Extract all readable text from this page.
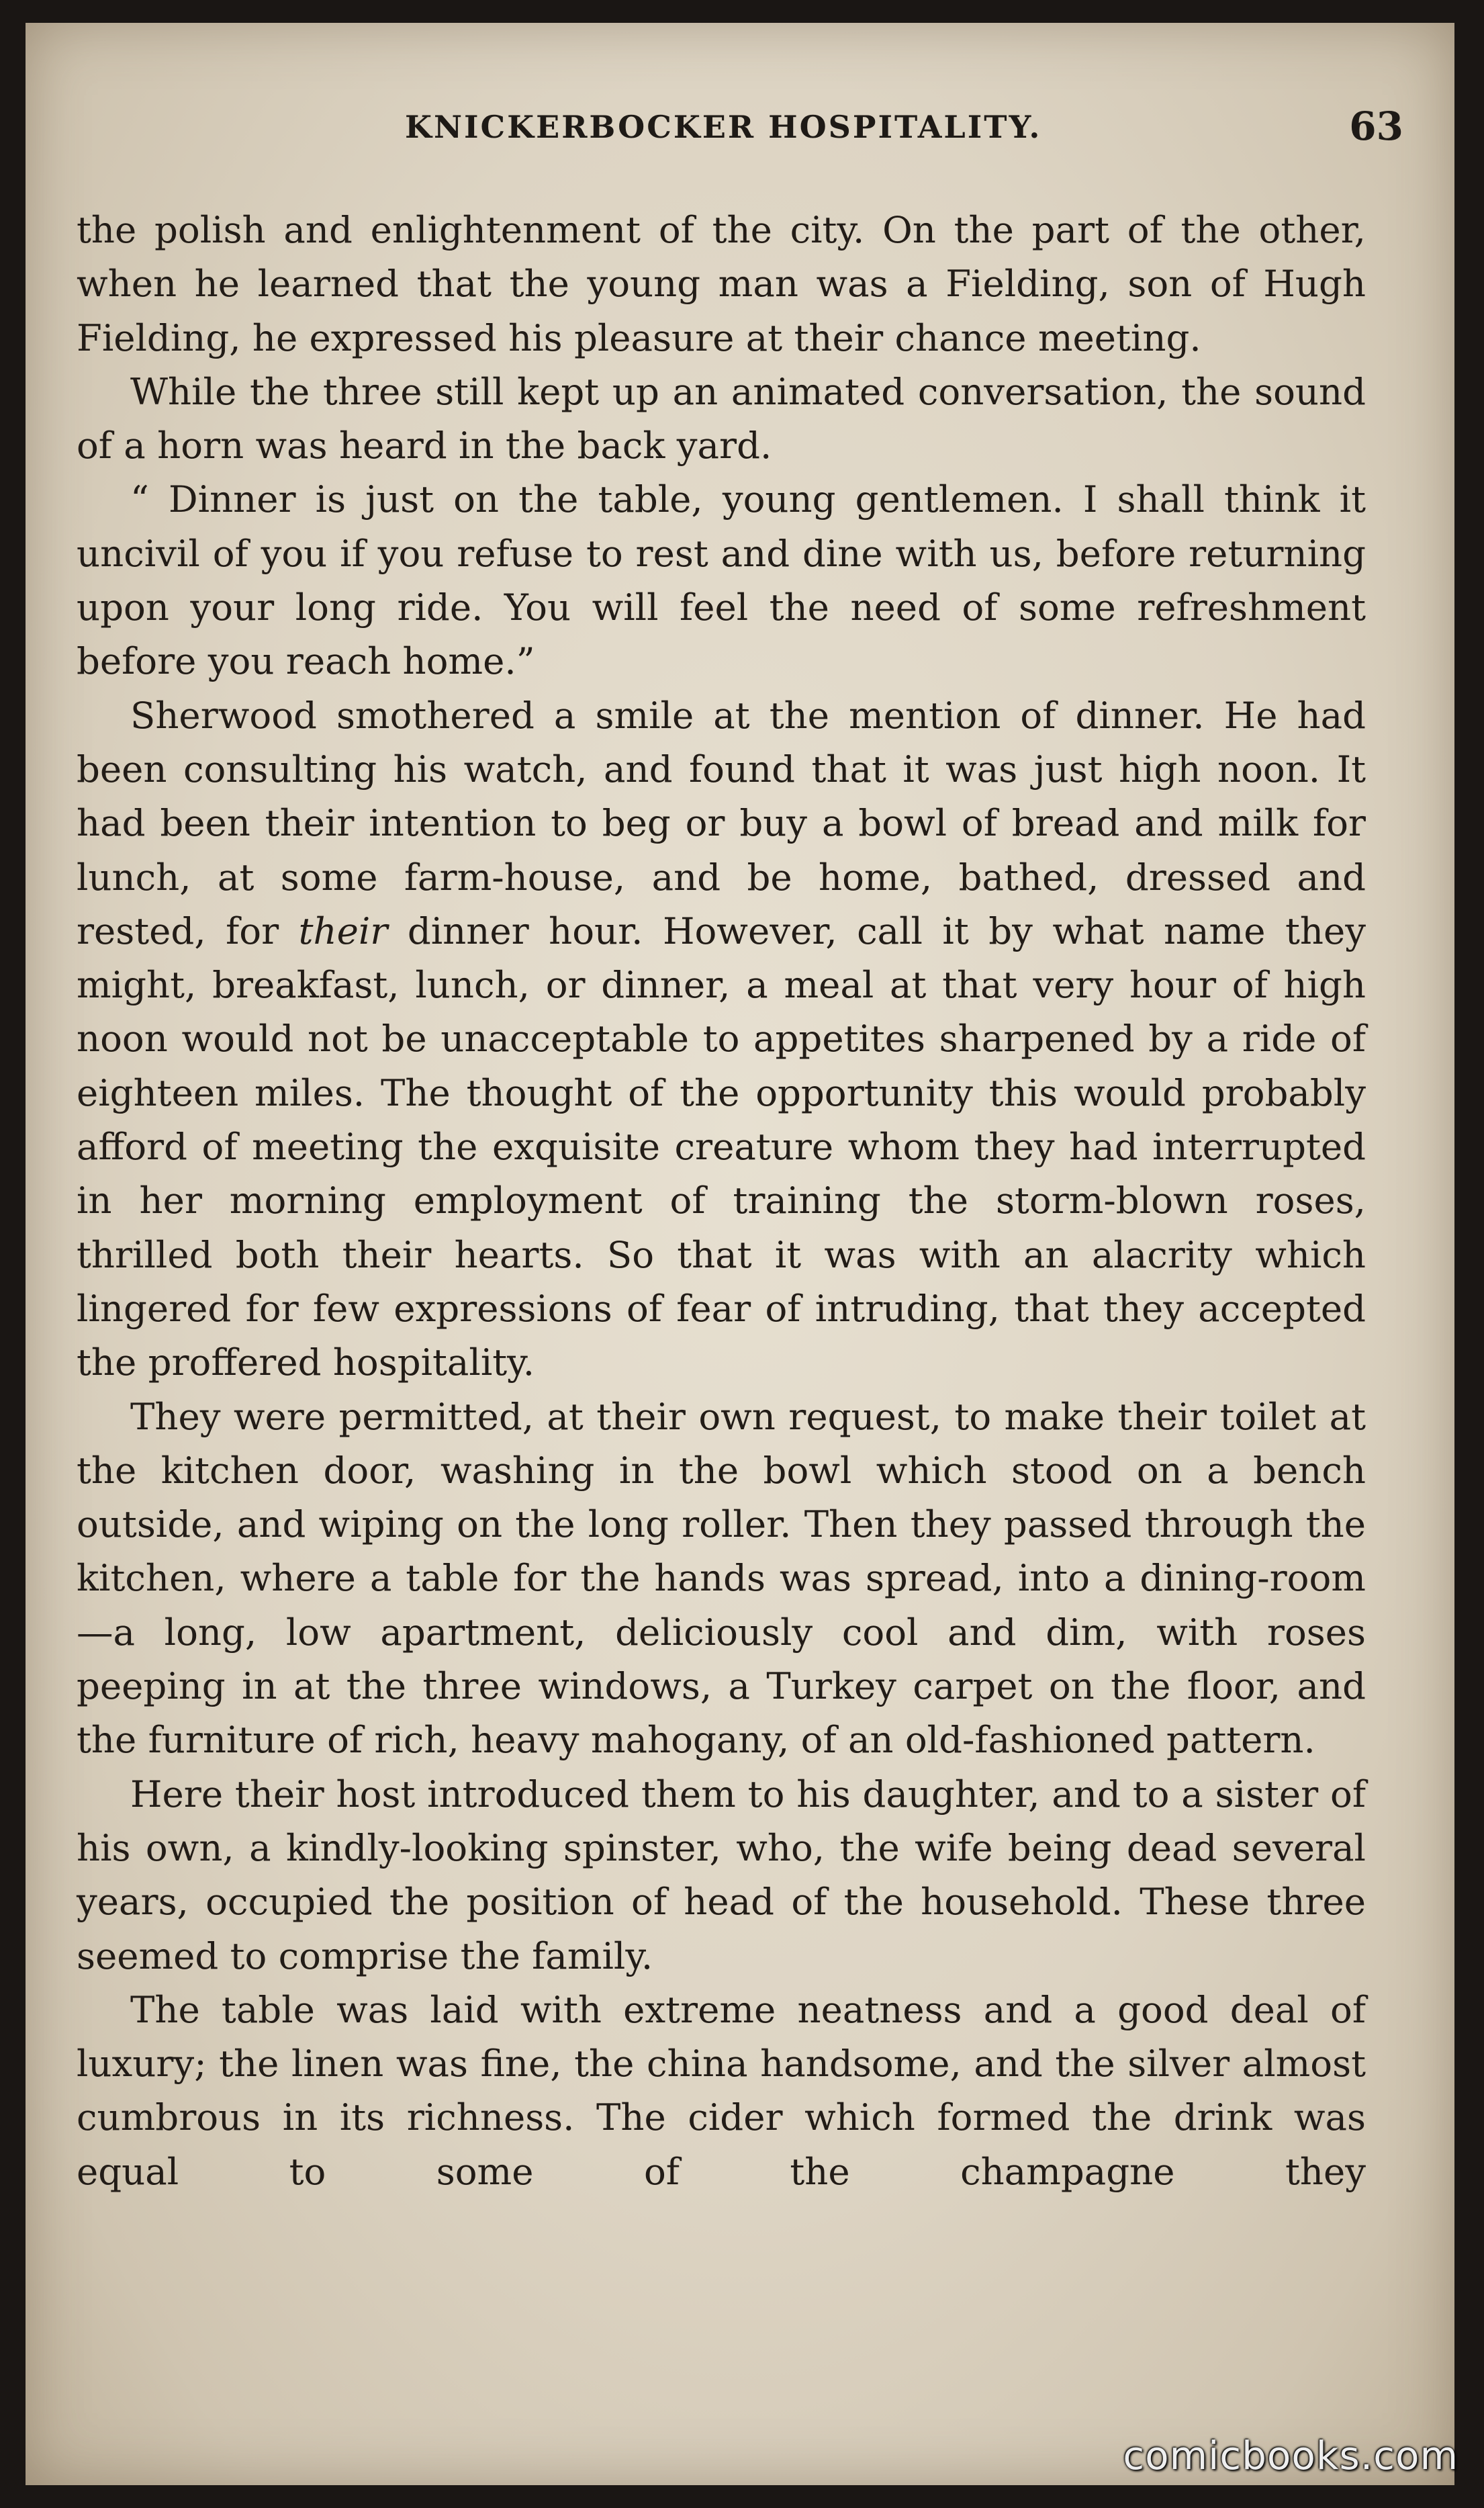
KNICKERBOCKER HOSPITALITY.	63

the polish and enlightenment of the city. On the part of the other, when he learned that the young man was a Fielding, son of Hugh Fielding, he expressed his pleasure at their chance meeting.

While the three still kept up an animated conversation, the sound of a horn was heard in the back yard.

“ Dinner is just on the table, young gentlemen. I shall think it uncivil of you if you refuse to rest and dine with us, before returning upon your long ride. You will feel the need of some refreshment before you reach home.”

Sherwood smothered a smile at the mention of dinner. He had been consulting his watch, and found that it was just high noon. It had been their intention to beg or buy a bowl of bread and milk for lunch, at some farm-house, and be home, bathed, dressed and rested, for their dinner hour. However, call it by what name they might, breakfast, lunch, or dinner, a meal at that very hour of high noon would not be unacceptable to appetites sharpened by a ride of eighteen miles. The thought of the opportunity this would probably afford of meeting the exquisite creature whom they had interrupted in her morning employment of training the storm-blown roses, thrilled both their hearts. So that it was with an alacrity which lingered for few expressions of fear of intruding, that they accepted the proffered hospitality.

They were permitted, at their own request, to make their toilet at the kitchen door, washing in the bowl which stood on a bench outside, and wiping on the long roller. Then they passed through the kitchen, where a table for the hands was spread, into a dining-room—a long, low apartment, deliciously cool and dim, with roses peeping in at the three windows, a Turkey carpet on the floor, and the furniture of rich, heavy mahogany, of an old-fashioned pattern.

Here their host introduced them to his daughter, and to a sister of his own, a kindly-looking spinster, who, the wife being dead several years, occupied the position of head of the household. These three seemed to comprise the family.

The table was laid with extreme neatness and a good deal of luxury; the linen was fine, the china handsome, and the silver almost cumbrous in its richness. The cider which formed the drink was equal to some of the champagne they

comicbooks.com
